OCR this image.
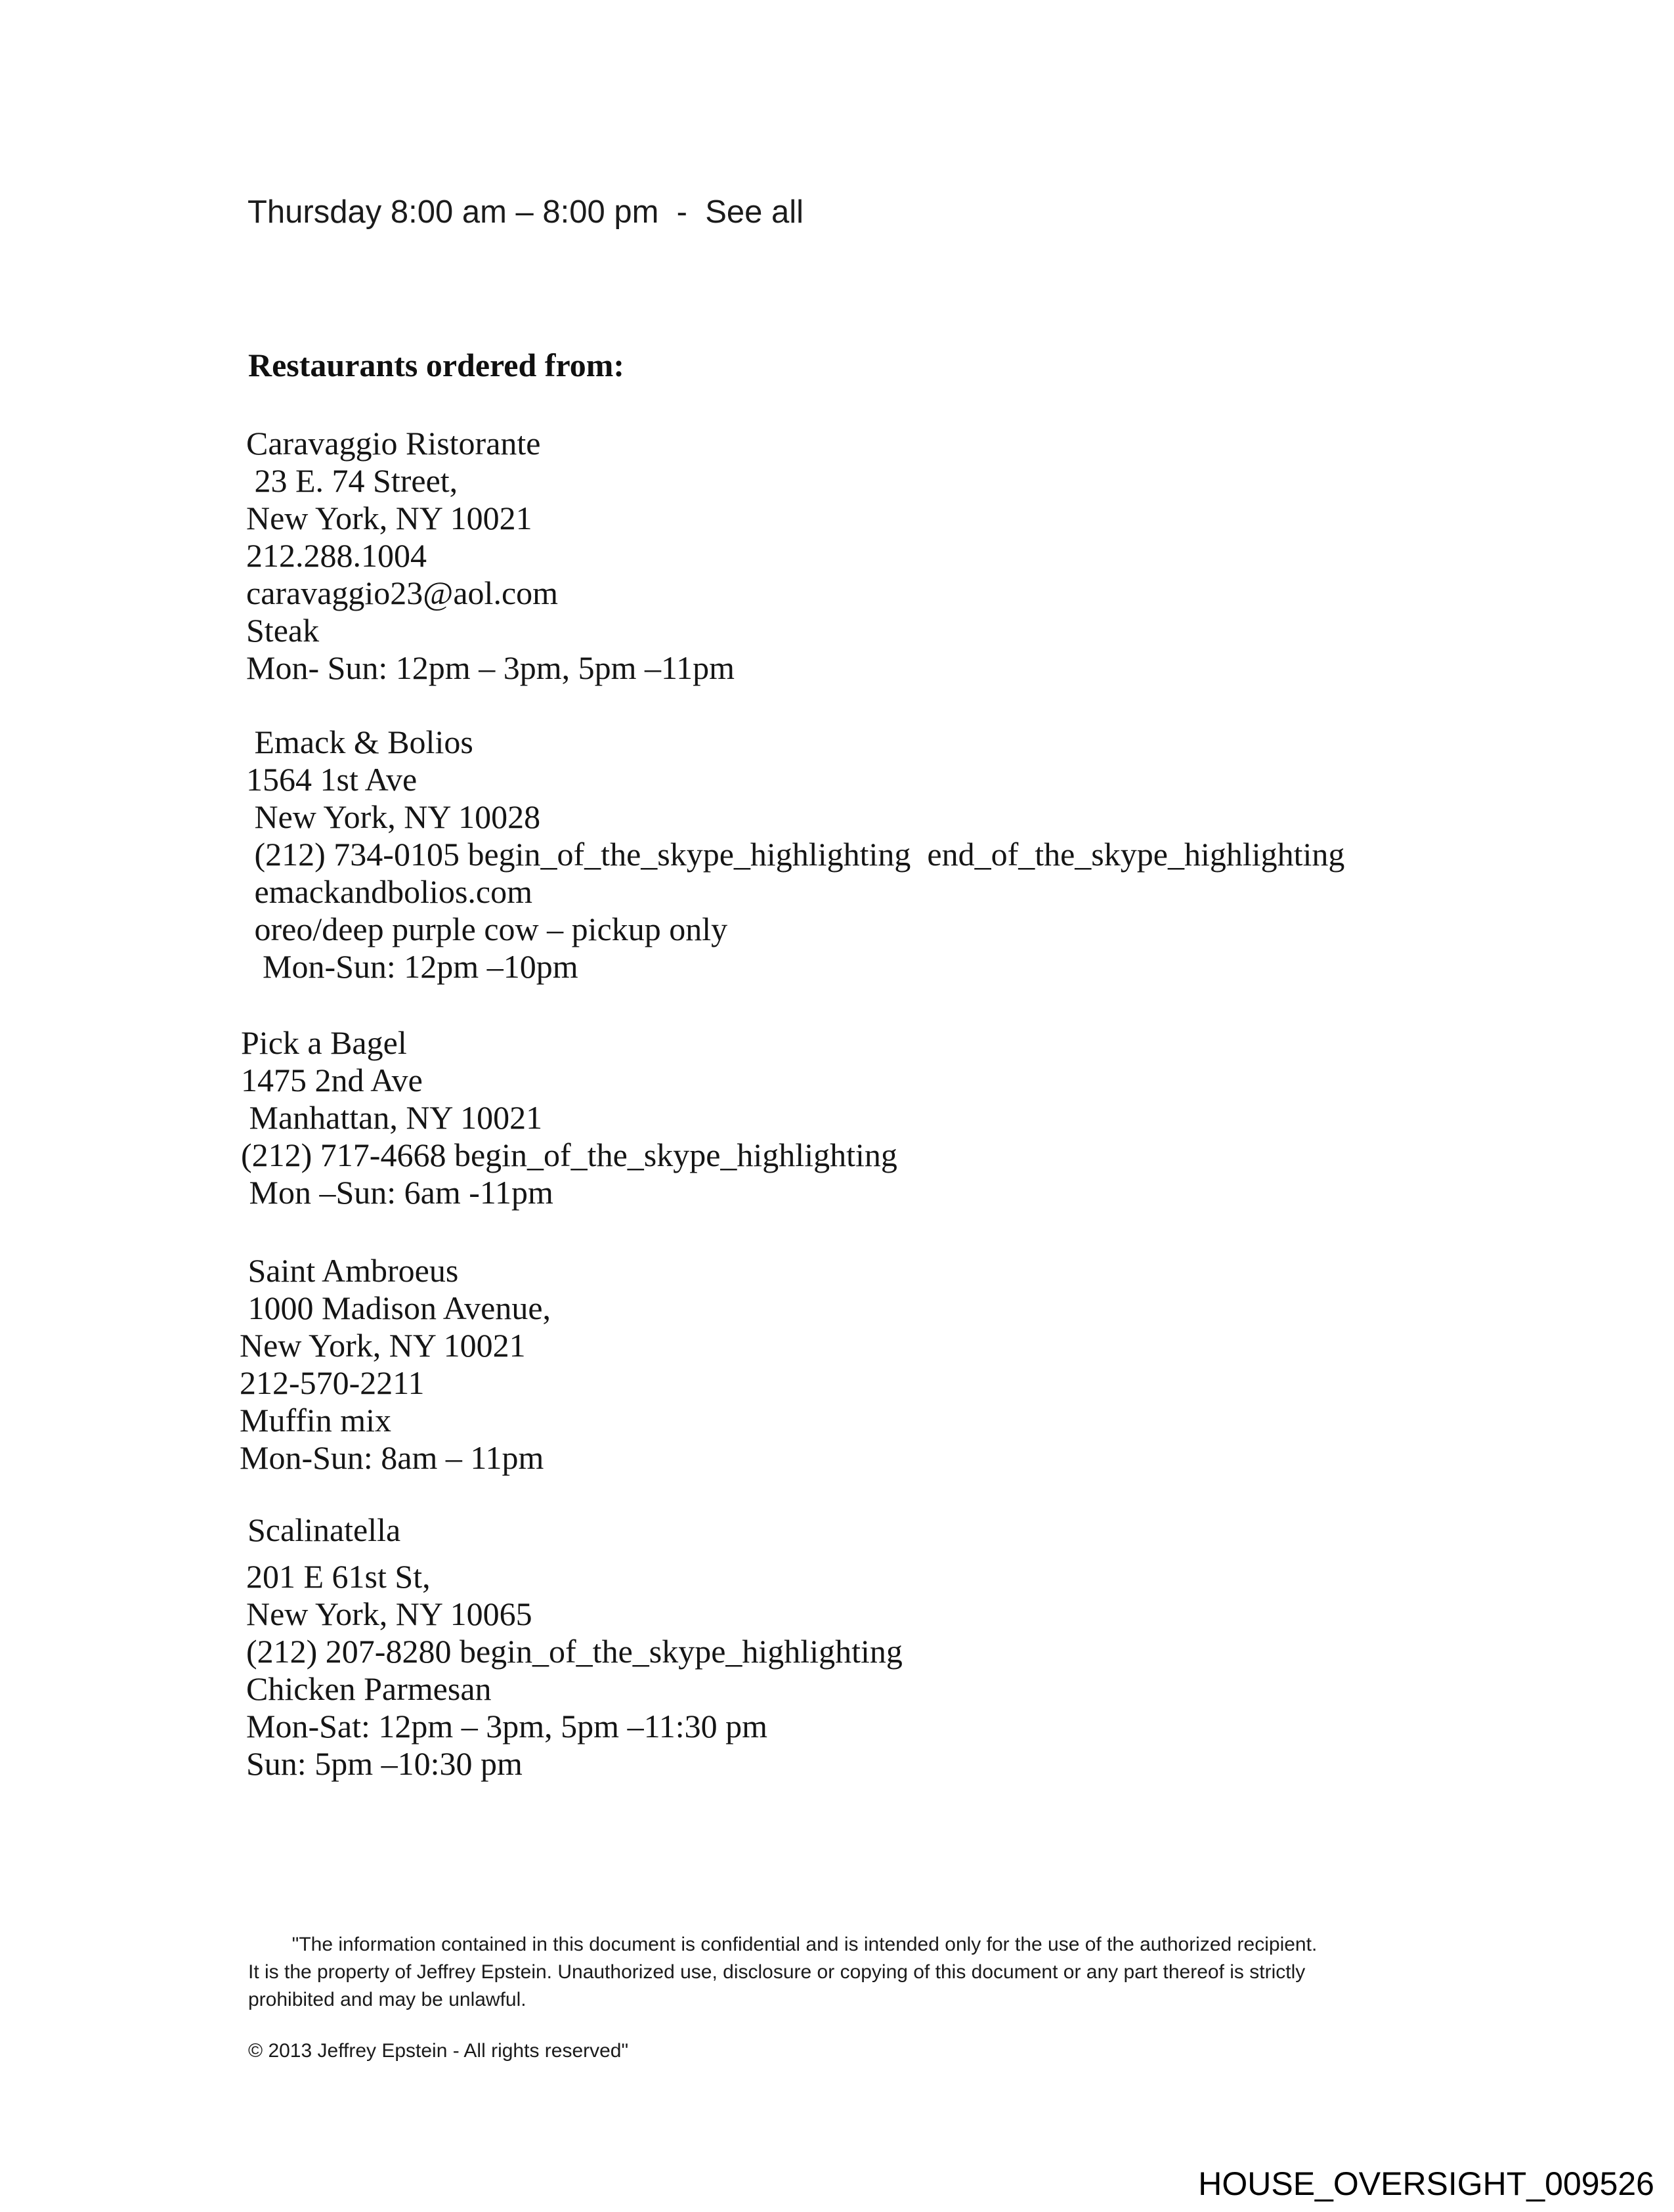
Thursday 8:00 am – 8:00 pm  -  See all
Restaurants ordered from:
Caravaggio Ristorante
23 E. 74 Street,
New York, NY 10021
212.288.1004
caravaggio23@aol.com
Steak
Mon- Sun: 12pm – 3pm, 5pm –11pm
Emack & Bolios
1564 1st Ave
New York, NY 10028
(212) 734-0105 begin_of_the_skype_highlighting  end_of_the_skype_highlighting
emackandbolios.com
oreo/deep purple cow – pickup only
Mon-Sun: 12pm –10pm
Pick a Bagel
1475 2nd Ave
Manhattan, NY 10021
(212) 717-4668 begin_of_the_skype_highlighting
Mon –Sun: 6am -11pm
Saint Ambroeus
1000 Madison Avenue,
New York, NY 10021
212-570-2211
Muffin mix
Mon-Sun: 8am – 11pm
Scalinatella
201 E 61st St,
New York, NY 10065
(212) 207-8280 begin_of_the_skype_highlighting
Chicken Parmesan
Mon-Sat: 12pm – 3pm, 5pm –11:30 pm
Sun: 5pm –10:30 pm
"The information contained in this document is confidential and is intended only for the use of the authorized recipient.
It is the property of Jeffrey Epstein. Unauthorized use, disclosure or copying of this document or any part thereof is strictly
prohibited and may be unlawful.
© 2013 Jeffrey Epstein - All rights reserved"
HOUSE_OVERSIGHT_009526
